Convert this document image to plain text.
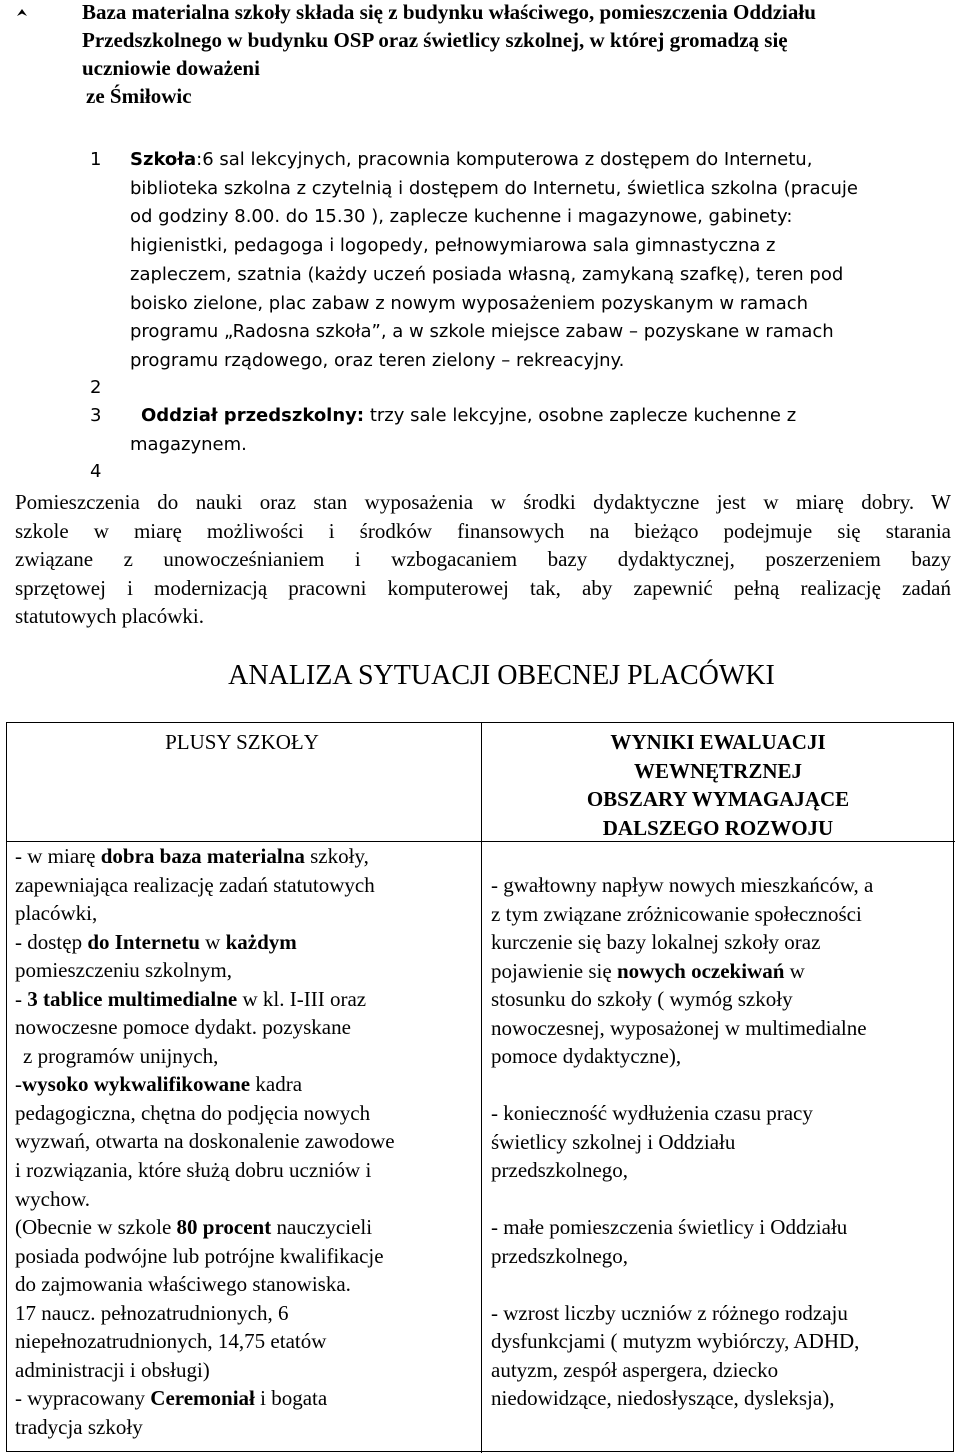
Baza materialna szkoły składa się z budynku właściwego, pomieszczenia Oddziału
Przedszkolnego w budynku OSP oraz świetlicy szkolnej, w której gromadzą się
uczniowie doważeni
ze Śmiłowic
1 Szkoła:6 sal lekcyjnych, pracownia komputerowa z dostępem do Internetu,
biblioteka szkolna z czytelnią i dostępem do Internetu, świetlica szkolna (pracuje
od godziny 8.00. do 15.30 ), zaplecze kuchenne i magazynowe, gabinety:
higienistki, pedagoga i logopedy, pełnowymiarowa sala gimnastyczna z
zapleczem, szatnia (każdy uczeń posiada własną, zamykaną szafkę), teren pod
boisko zielone, plac zabaw z nowym wyposażeniem pozyskanym w ramach
programu „Radosna szkoła”, a w szkole miejsce zabaw – pozyskane w ramach
programu rządowego, oraz teren zielony – rekreacyjny.
2
3 Oddział przedszkolny: trzy sale lekcyjne, osobne zaplecze kuchenne z
magazynem.
4
Pomieszczenia do nauki oraz stan wyposażenia w środki dydaktyczne jest w miarę dobry. W
szkole w miarę możliwości i środków finansowych na bieżąco podejmuje się starania
związane z unowocześnianiem i wzbogacaniem bazy dydaktycznej, poszerzeniem bazy
sprzętowej i modernizacją pracowni komputerowej tak, aby zapewnić pełną realizację zadań
statutowych placówki.
ANALIZA SYTUACJI OBECNEJ PLACÓWKI
PLUSY SZKOŁY	WYNIKI EWALUACJI
WEWNĘTRZNEJ
OBSZARY WYMAGAJĄCE
DALSZEGO ROZWOJU
- w miarę dobra baza materialna szkoły,
zapewniająca realizację zadań statutowych
placówki,
- dostęp do Internetu w każdym
pomieszczeniu szkolnym,
- 3 tablice multimedialne w kl. I-III oraz
nowoczesne pomoce dydakt. pozyskane
z programów unijnych,
-wysoko wykwalifikowane kadra
pedagogiczna, chętna do podjęcia nowych
wyzwań, otwarta na doskonalenie zawodowe
i rozwiązania, które służą dobru uczniów i
wychow.
(Obecnie w szkole 80 procent nauczycieli
posiada podwójne lub potrójne kwalifikacje
do zajmowania właściwego stanowiska.
17 naucz. pełnozatrudnionych, 6
niepełnozatrudnionych, 14,75 etatów
administracji i obsługi)
- wypracowany Ceremoniał i bogata
tradycja szkoły
- gwałtowny napływ nowych mieszkańców, a
z tym związane zróżnicowanie społeczności
kurczenie się bazy lokalnej szkoły oraz
pojawienie się nowych oczekiwań w
stosunku do szkoły ( wymóg szkoły
nowoczesnej, wyposażonej w multimedialne
pomoce dydaktyczne),
- konieczność wydłużenia czasu pracy
świetlicy szkolnej i Oddziału
przedszkolnego,
- małe pomieszczenia świetlicy i Oddziału
przedszkolnego,
- wzrost liczby uczniów z różnego rodzaju
dysfunkcjami ( mutyzm wybiórczy, ADHD,
autyzm, zespół aspergera, dziecko
niedowidzące, niedosłyszące, dysleksja),
